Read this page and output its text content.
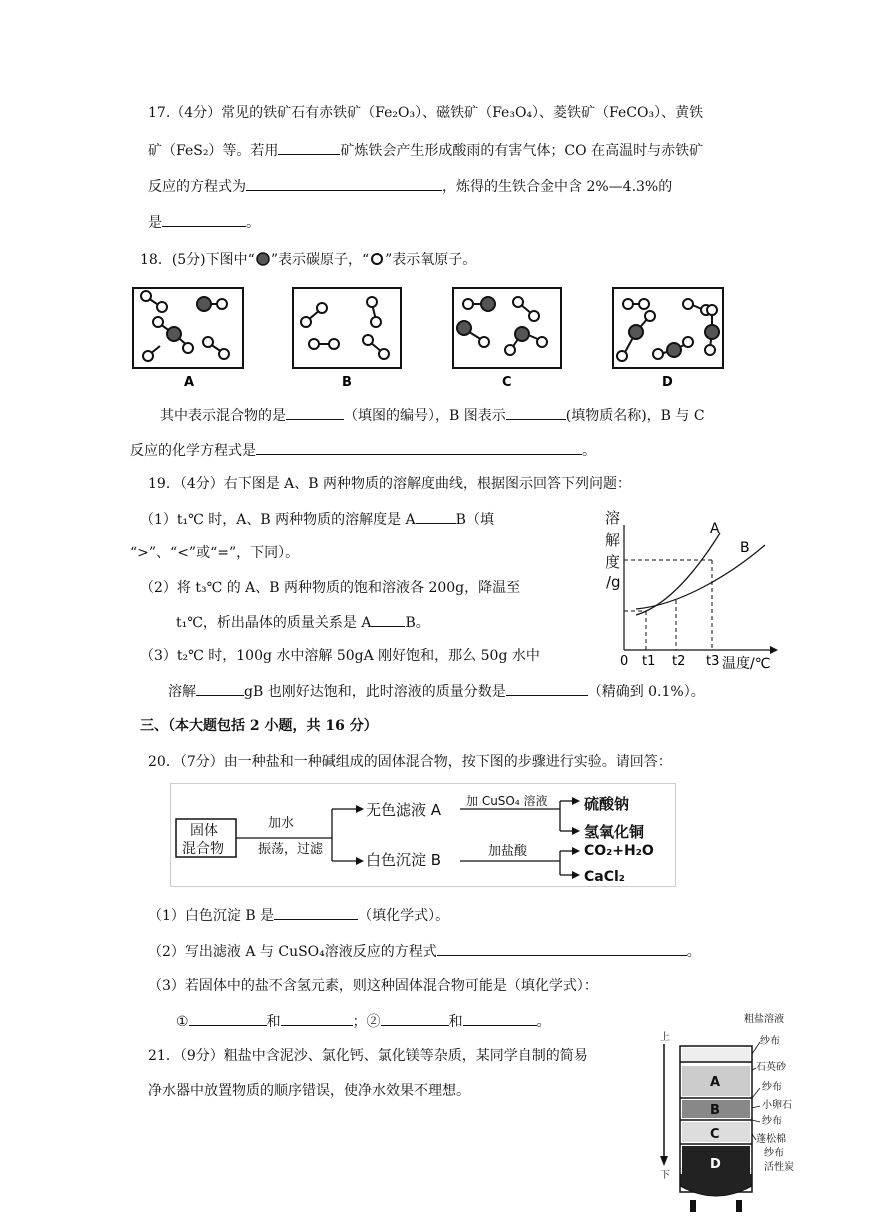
17.（4分）常见的铁矿石有赤铁矿（Fe₂O₃）、磁铁矿（Fe₃O₄）、菱铁矿（FeCO₃）、黄铁
矿（FeS₂）等。若用	矿炼铁会产生形成酸雨的有害气体；CO 在高温时与赤铁矿
反应的方程式为	，炼得的生铁合金中含 2%—4.3%的
是	。
18．(5分)下图中“ ”表示碳原子，“ ”表示氧原子。
A	B	C	D
其中表示混合物的是	（填图的编号），B 图表示	(填物质名称)，B 与 C
反应的化学方程式是	。
19．（4分）右下图是 A、B 两种物质的溶解度曲线，根据图示回答下列问题：
（1）t₁℃ 时，A、B 两种物质的溶解度是 A	B（填
“>”、“<”或“=”，下同）。
（2）将 t₃℃ 的 A、B 两种物质的饱和溶液各 200g，降温至
t₁℃，析出晶体的质量关系是 A B。
（3）t₂℃ 时，100g 水中溶解 50gA 刚好饱和，那么 50g 水中
溶解	gB 也刚好达饱和，此时溶液的质量分数是	（精确到 0.1%）。
溶
解
度
/g
A
B
0 t1 t2 t3 温度/℃
三、（本大题包括 2 小题，共 16 分）
20．（7分）由一种盐和一种碱组成的固体混合物，按下图的步骤进行实验。请回答：
固体
混合物
加水
振荡，过滤
无色滤液 A 加 CuSO₄ 溶液 硫酸钠
氢氧化铜
白色沉淀 B	加盐酸	CO₂+H₂O
CaCl₂
（1）白色沉淀 B 是	（填化学式）。
（2）写出滤液 A 与 CuSO₄溶液反应的方程式	。
（3）若固体中的盐不含氢元素，则这种固体混合物可能是（填化学式）：
①	和	；②	和	。
21．（9分）粗盐中含泥沙、氯化钙、氯化镁等杂质，某同学自制的简易
净水器中放置物质的顺序错误，使净水效果不理想。
粗盐溶液
纱布
石英砂
纱布
小卵石
纱布
蓬松棉
纱布
活性炭
上
下
A
B
C
D
